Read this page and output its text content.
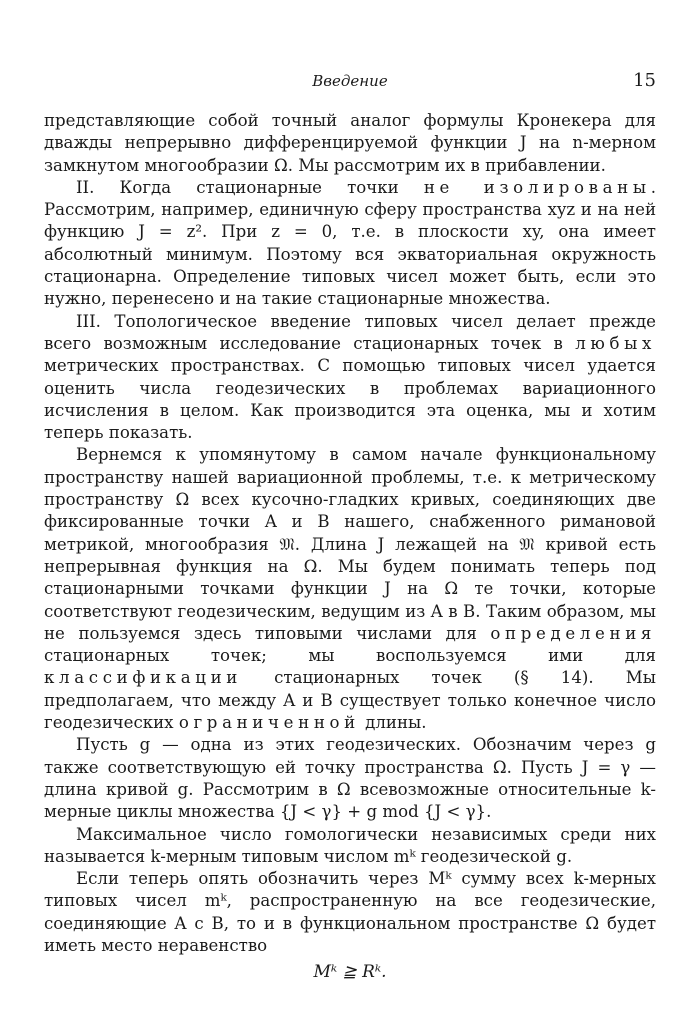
Введение	15

представляющие собой точный аналог формулы Кронекера для дважды непрерывно дифференцируемой функции J на n-мерном замкнутом многообразии Ω. Мы рассмотрим их в прибавлении.

II. Когда стационарные точки не изолированы. Рассмотрим, например, единичную сферу пространства xyz и на ней функцию J = z². При z = 0, т.е. в плоскости xy, она имеет абсолютный минимум. Поэтому вся экваториальная окружность стационарна. Определение типовых чисел может быть, если это нужно, перенесено и на такие стационарные множества.

III. Топологическое введение типовых чисел делает прежде всего возможным исследование стационарных точек в любых метрических пространствах. С помощью типовых чисел удается оценить числа геодезических в проблемах вариационного исчисления в целом. Как производится эта оценка, мы и хотим теперь показать.

Вернемся к упомянутому в самом начале функциональному пространству нашей вариационной проблемы, т.е. к метрическому пространству Ω всех кусочно-гладких кривых, соединяющих две фиксированные точки A и B нашего, снабженного римановой метрикой, многообразия 𝔐. Длина J лежащей на 𝔐 кривой есть непрерывная функция на Ω. Мы будем понимать теперь под стационарными точками функции J на Ω те точки, которые соответствуют геодезическим, ведущим из A в B. Таким образом, мы не пользуемся здесь типовыми числами для определения стационарных точек; мы воспользуемся ими для классификации стационарных точек (§ 14). Мы предполагаем, что между A и B существует только конечное число геодезических ограниченной длины.

Пусть g — одна из этих геодезических. Обозначим через g также соответствующую ей точку пространства Ω. Пусть J = γ — длина кривой g. Рассмотрим в Ω всевозможные относительные k-мерные циклы множества {J < γ} + g mod {J < γ}.

Максимальное число гомологически независимых среди них называется k-мерным типовым числом mᵏ геодезической g.

Если теперь опять обозначить через Mᵏ сумму всех k-мерных типовых чисел mᵏ, распространенную на все геодезические, соединяющие A с B, то и в функциональном пространстве Ω будет иметь место неравенство

Mᵏ ≧ Rᵏ.
